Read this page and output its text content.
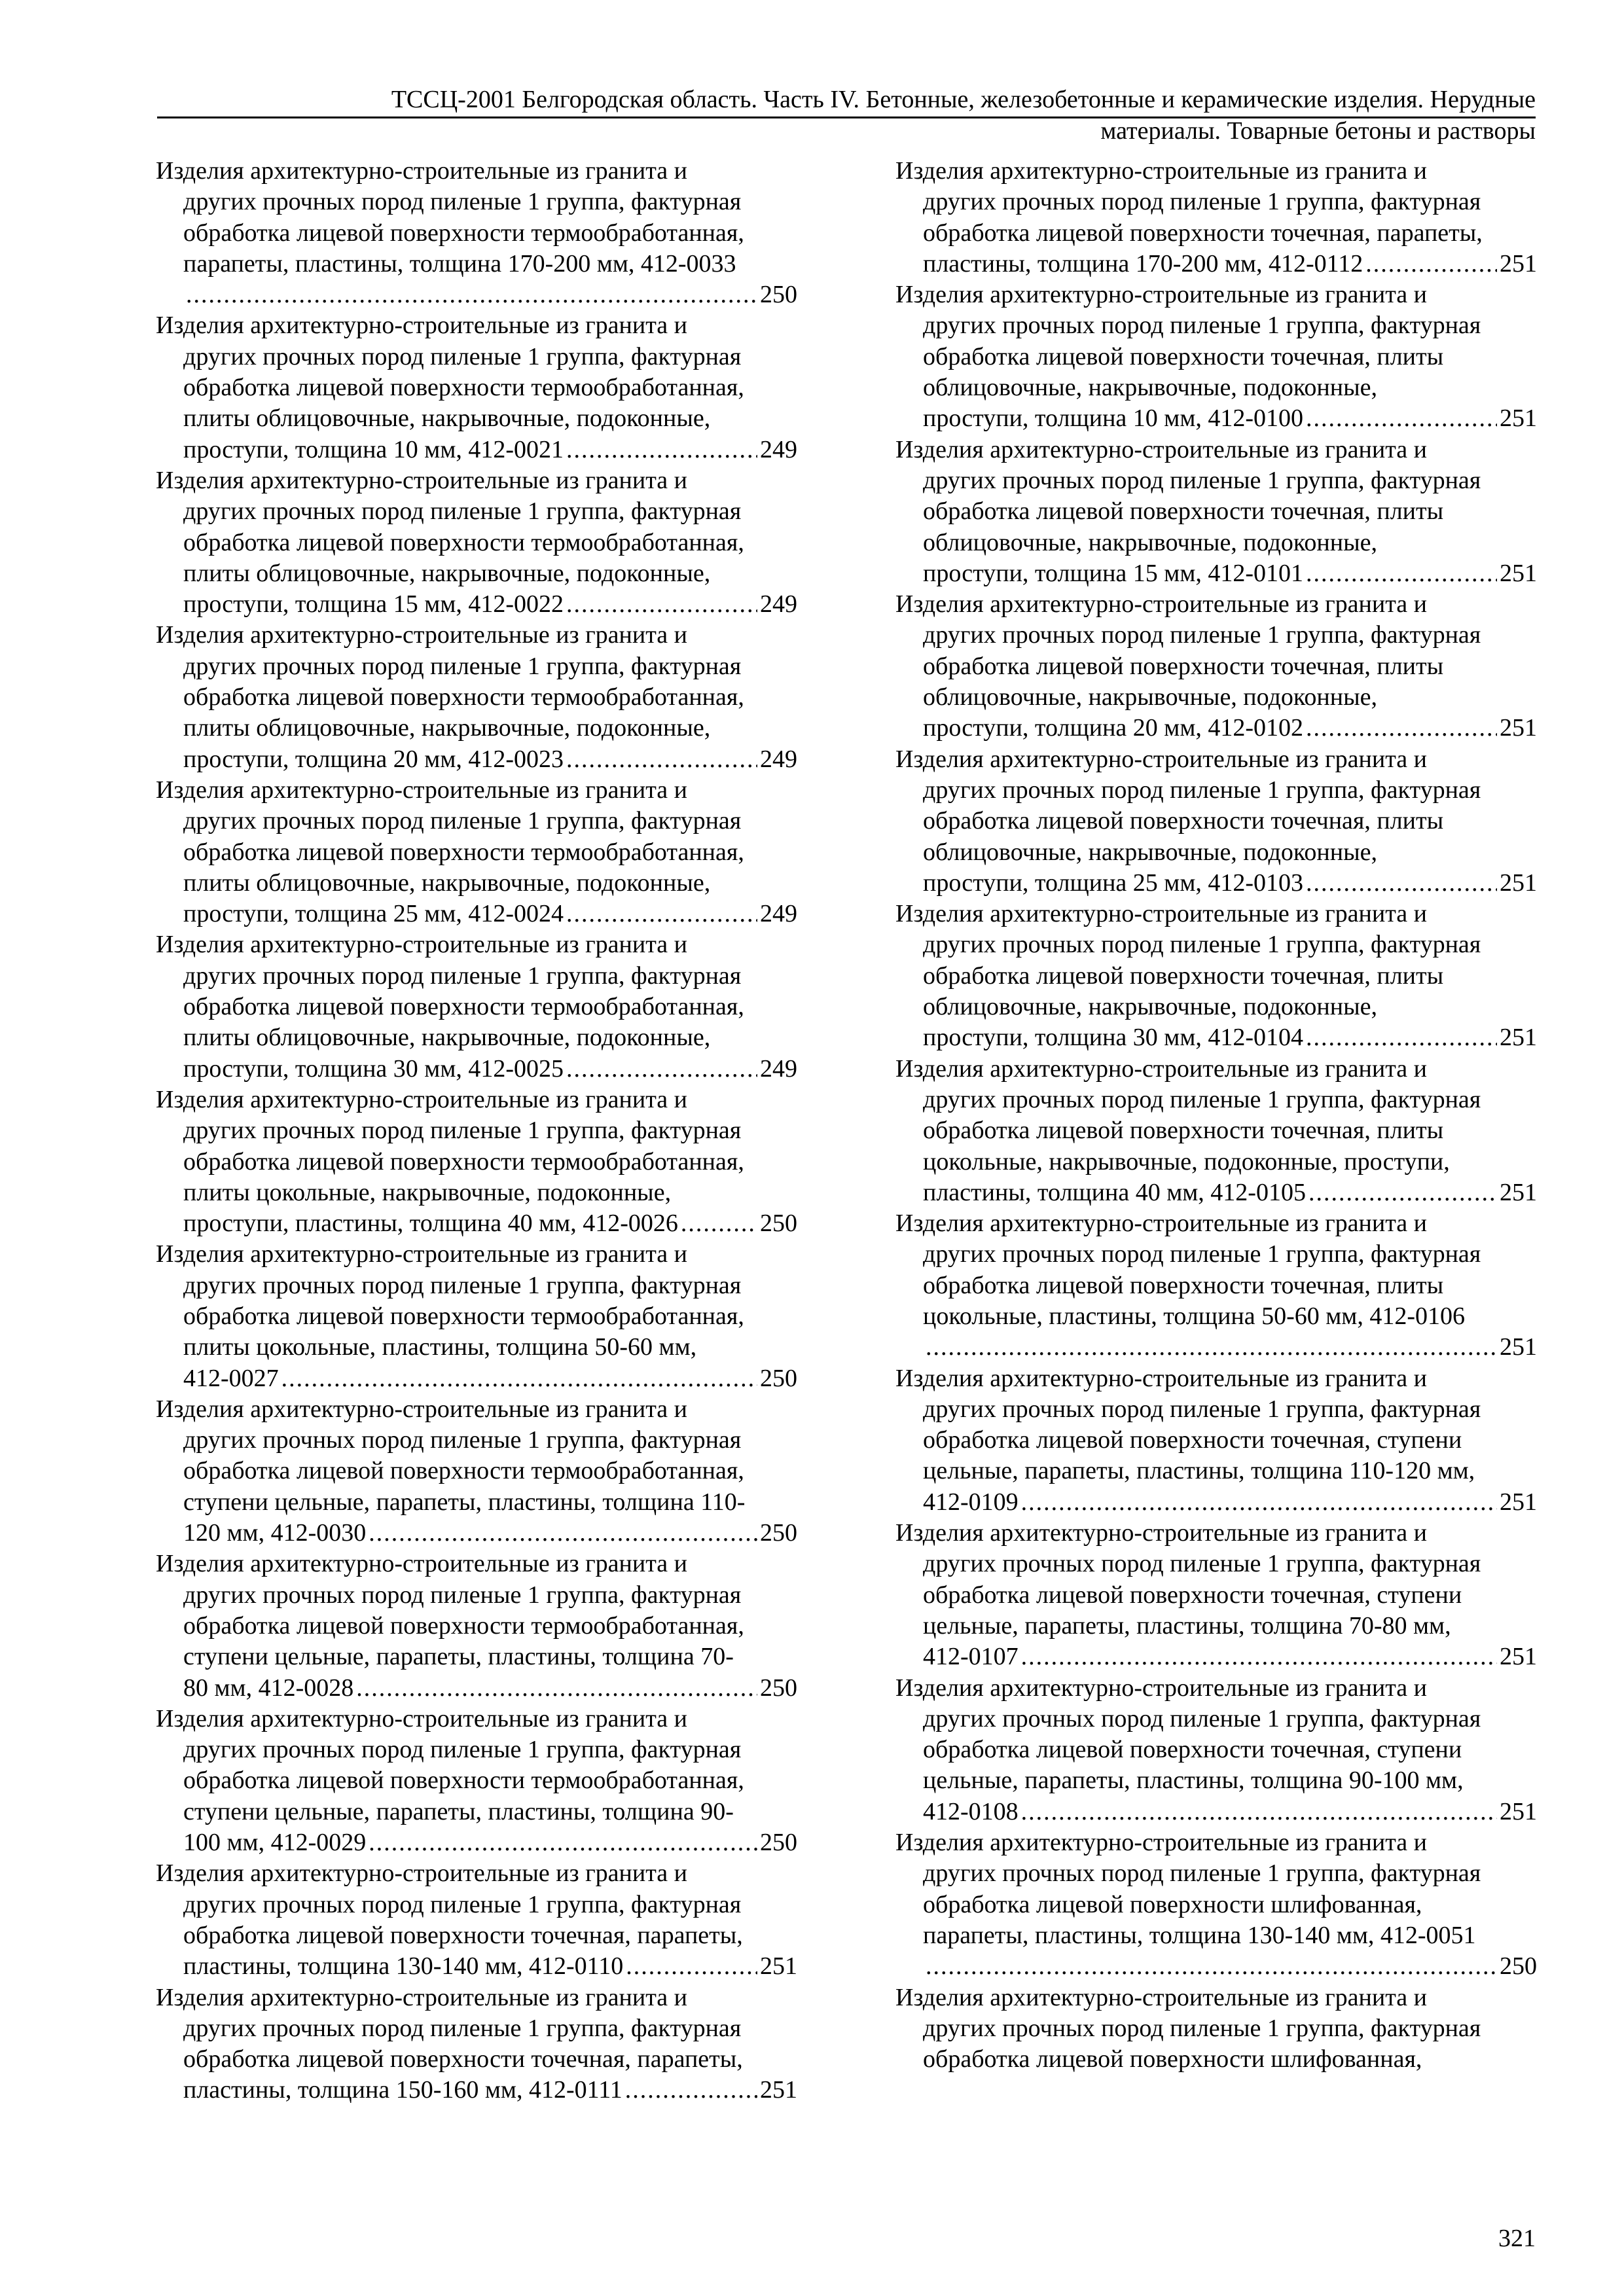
ТССЦ-2001 Белгородская область. Часть IV. Бетонные, железобетонные и керамические изделия. Нерудные
материалы. Товарные бетоны и растворы
Изделия архитектурно-строительные из гранита и
других прочных пород пиленые 1 группа, фактурная
обработка лицевой поверхности термообработанная,
парапеты, пластины, толщина 170-200 мм, 412-0033
.....
250
Изделия архитектурно-строительные из гранита и
других прочных пород пиленые 1 группа, фактурная
обработка лицевой поверхности термообработанная,
плиты облицовочные, накрывочные, подоконные,
проступи, толщина 10 мм, 412-0021 .....	249
Изделия архитектурно-строительные из гранита и
других прочных пород пиленые 1 группа, фактурная
обработка лицевой поверхности термообработанная,
плиты облицовочные, накрывочные, подоконные,
проступи, толщина 15 мм, 412-0022 .....	249
Изделия архитектурно-строительные из гранита и
других прочных пород пиленые 1 группа, фактурная
обработка лицевой поверхности термообработанная,
плиты облицовочные, накрывочные, подоконные,
проступи, толщина 20 мм, 412-0023 .....	249
Изделия архитектурно-строительные из гранита и
других прочных пород пиленые 1 группа, фактурная
обработка лицевой поверхности термообработанная,
плиты облицовочные, накрывочные, подоконные,
проступи, толщина 25 мм, 412-0024 .....	249
Изделия архитектурно-строительные из гранита и
других прочных пород пиленые 1 группа, фактурная
обработка лицевой поверхности термообработанная,
плиты облицовочные, накрывочные, подоконные,
проступи, толщина 30 мм, 412-0025 .....	249
Изделия архитектурно-строительные из гранита и
других прочных пород пиленые 1 группа, фактурная
обработка лицевой поверхности термообработанная,
плиты цокольные, накрывочные, подоконные,
проступи, пластины, толщина 40 мм, 412-0026 .....	250
Изделия архитектурно-строительные из гранита и
других прочных пород пиленые 1 группа, фактурная
обработка лицевой поверхности термообработанная,
плиты цокольные, пластины, толщина 50-60 мм,
412-0027 .....	250
Изделия архитектурно-строительные из гранита и
других прочных пород пиленые 1 группа, фактурная
обработка лицевой поверхности термообработанная,
ступени цельные, парапеты, пластины, толщина 110-
120 мм, 412-0030 .....	250
Изделия архитектурно-строительные из гранита и
других прочных пород пиленые 1 группа, фактурная
обработка лицевой поверхности термообработанная,
ступени цельные, парапеты, пластины, толщина 70-
80 мм, 412-0028 .....	250
Изделия архитектурно-строительные из гранита и
других прочных пород пиленые 1 группа, фактурная
обработка лицевой поверхности термообработанная,
ступени цельные, парапеты, пластины, толщина 90-
100 мм, 412-0029 .....	250
Изделия архитектурно-строительные из гранита и
других прочных пород пиленые 1 группа, фактурная
обработка лицевой поверхности точечная, парапеты,
пластины, толщина 130-140 мм, 412-0110 .....	251
Изделия архитектурно-строительные из гранита и
других прочных пород пиленые 1 группа, фактурная
обработка лицевой поверхности точечная, парапеты,
пластины, толщина 150-160 мм, 412-0111 .....	251
Изделия архитектурно-строительные из гранита и
других прочных пород пиленые 1 группа, фактурная
обработка лицевой поверхности точечная, парапеты,
пластины, толщина 170-200 мм, 412-0112 .....	251
Изделия архитектурно-строительные из гранита и
других прочных пород пиленые 1 группа, фактурная
обработка лицевой поверхности точечная, плиты
облицовочные, накрывочные, подоконные,
проступи, толщина 10 мм, 412-0100 .....	251
Изделия архитектурно-строительные из гранита и
других прочных пород пиленые 1 группа, фактурная
обработка лицевой поверхности точечная, плиты
облицовочные, накрывочные, подоконные,
проступи, толщина 15 мм, 412-0101 .....	251
Изделия архитектурно-строительные из гранита и
других прочных пород пиленые 1 группа, фактурная
обработка лицевой поверхности точечная, плиты
облицовочные, накрывочные, подоконные,
проступи, толщина 20 мм, 412-0102 .....	251
Изделия архитектурно-строительные из гранита и
других прочных пород пиленые 1 группа, фактурная
обработка лицевой поверхности точечная, плиты
облицовочные, накрывочные, подоконные,
проступи, толщина 25 мм, 412-0103 .....	251
Изделия архитектурно-строительные из гранита и
других прочных пород пиленые 1 группа, фактурная
обработка лицевой поверхности точечная, плиты
облицовочные, накрывочные, подоконные,
проступи, толщина 30 мм, 412-0104 .....	251
Изделия архитектурно-строительные из гранита и
других прочных пород пиленые 1 группа, фактурная
обработка лицевой поверхности точечная, плиты
цокольные, накрывочные, подоконные, проступи,
пластины, толщина 40 мм, 412-0105 .....	251
Изделия архитектурно-строительные из гранита и
других прочных пород пиленые 1 группа, фактурная
обработка лицевой поверхности точечная, плиты
цокольные, пластины, толщина 50-60 мм, 412-0106
.....
251
Изделия архитектурно-строительные из гранита и
других прочных пород пиленые 1 группа, фактурная
обработка лицевой поверхности точечная, ступени
цельные, парапеты, пластины, толщина 110-120 мм,
412-0109 .....	251
Изделия архитектурно-строительные из гранита и
других прочных пород пиленые 1 группа, фактурная
обработка лицевой поверхности точечная, ступени
цельные, парапеты, пластины, толщина 70-80 мм,
412-0107 .....	251
Изделия архитектурно-строительные из гранита и
других прочных пород пиленые 1 группа, фактурная
обработка лицевой поверхности точечная, ступени
цельные, парапеты, пластины, толщина 90-100 мм,
412-0108 .....	251
Изделия архитектурно-строительные из гранита и
других прочных пород пиленые 1 группа, фактурная
обработка лицевой поверхности шлифованная,
парапеты, пластины, толщина 130-140 мм, 412-0051
.....
250
Изделия архитектурно-строительные из гранита и
других прочных пород пиленые 1 группа, фактурная
обработка лицевой поверхности шлифованная,
321
